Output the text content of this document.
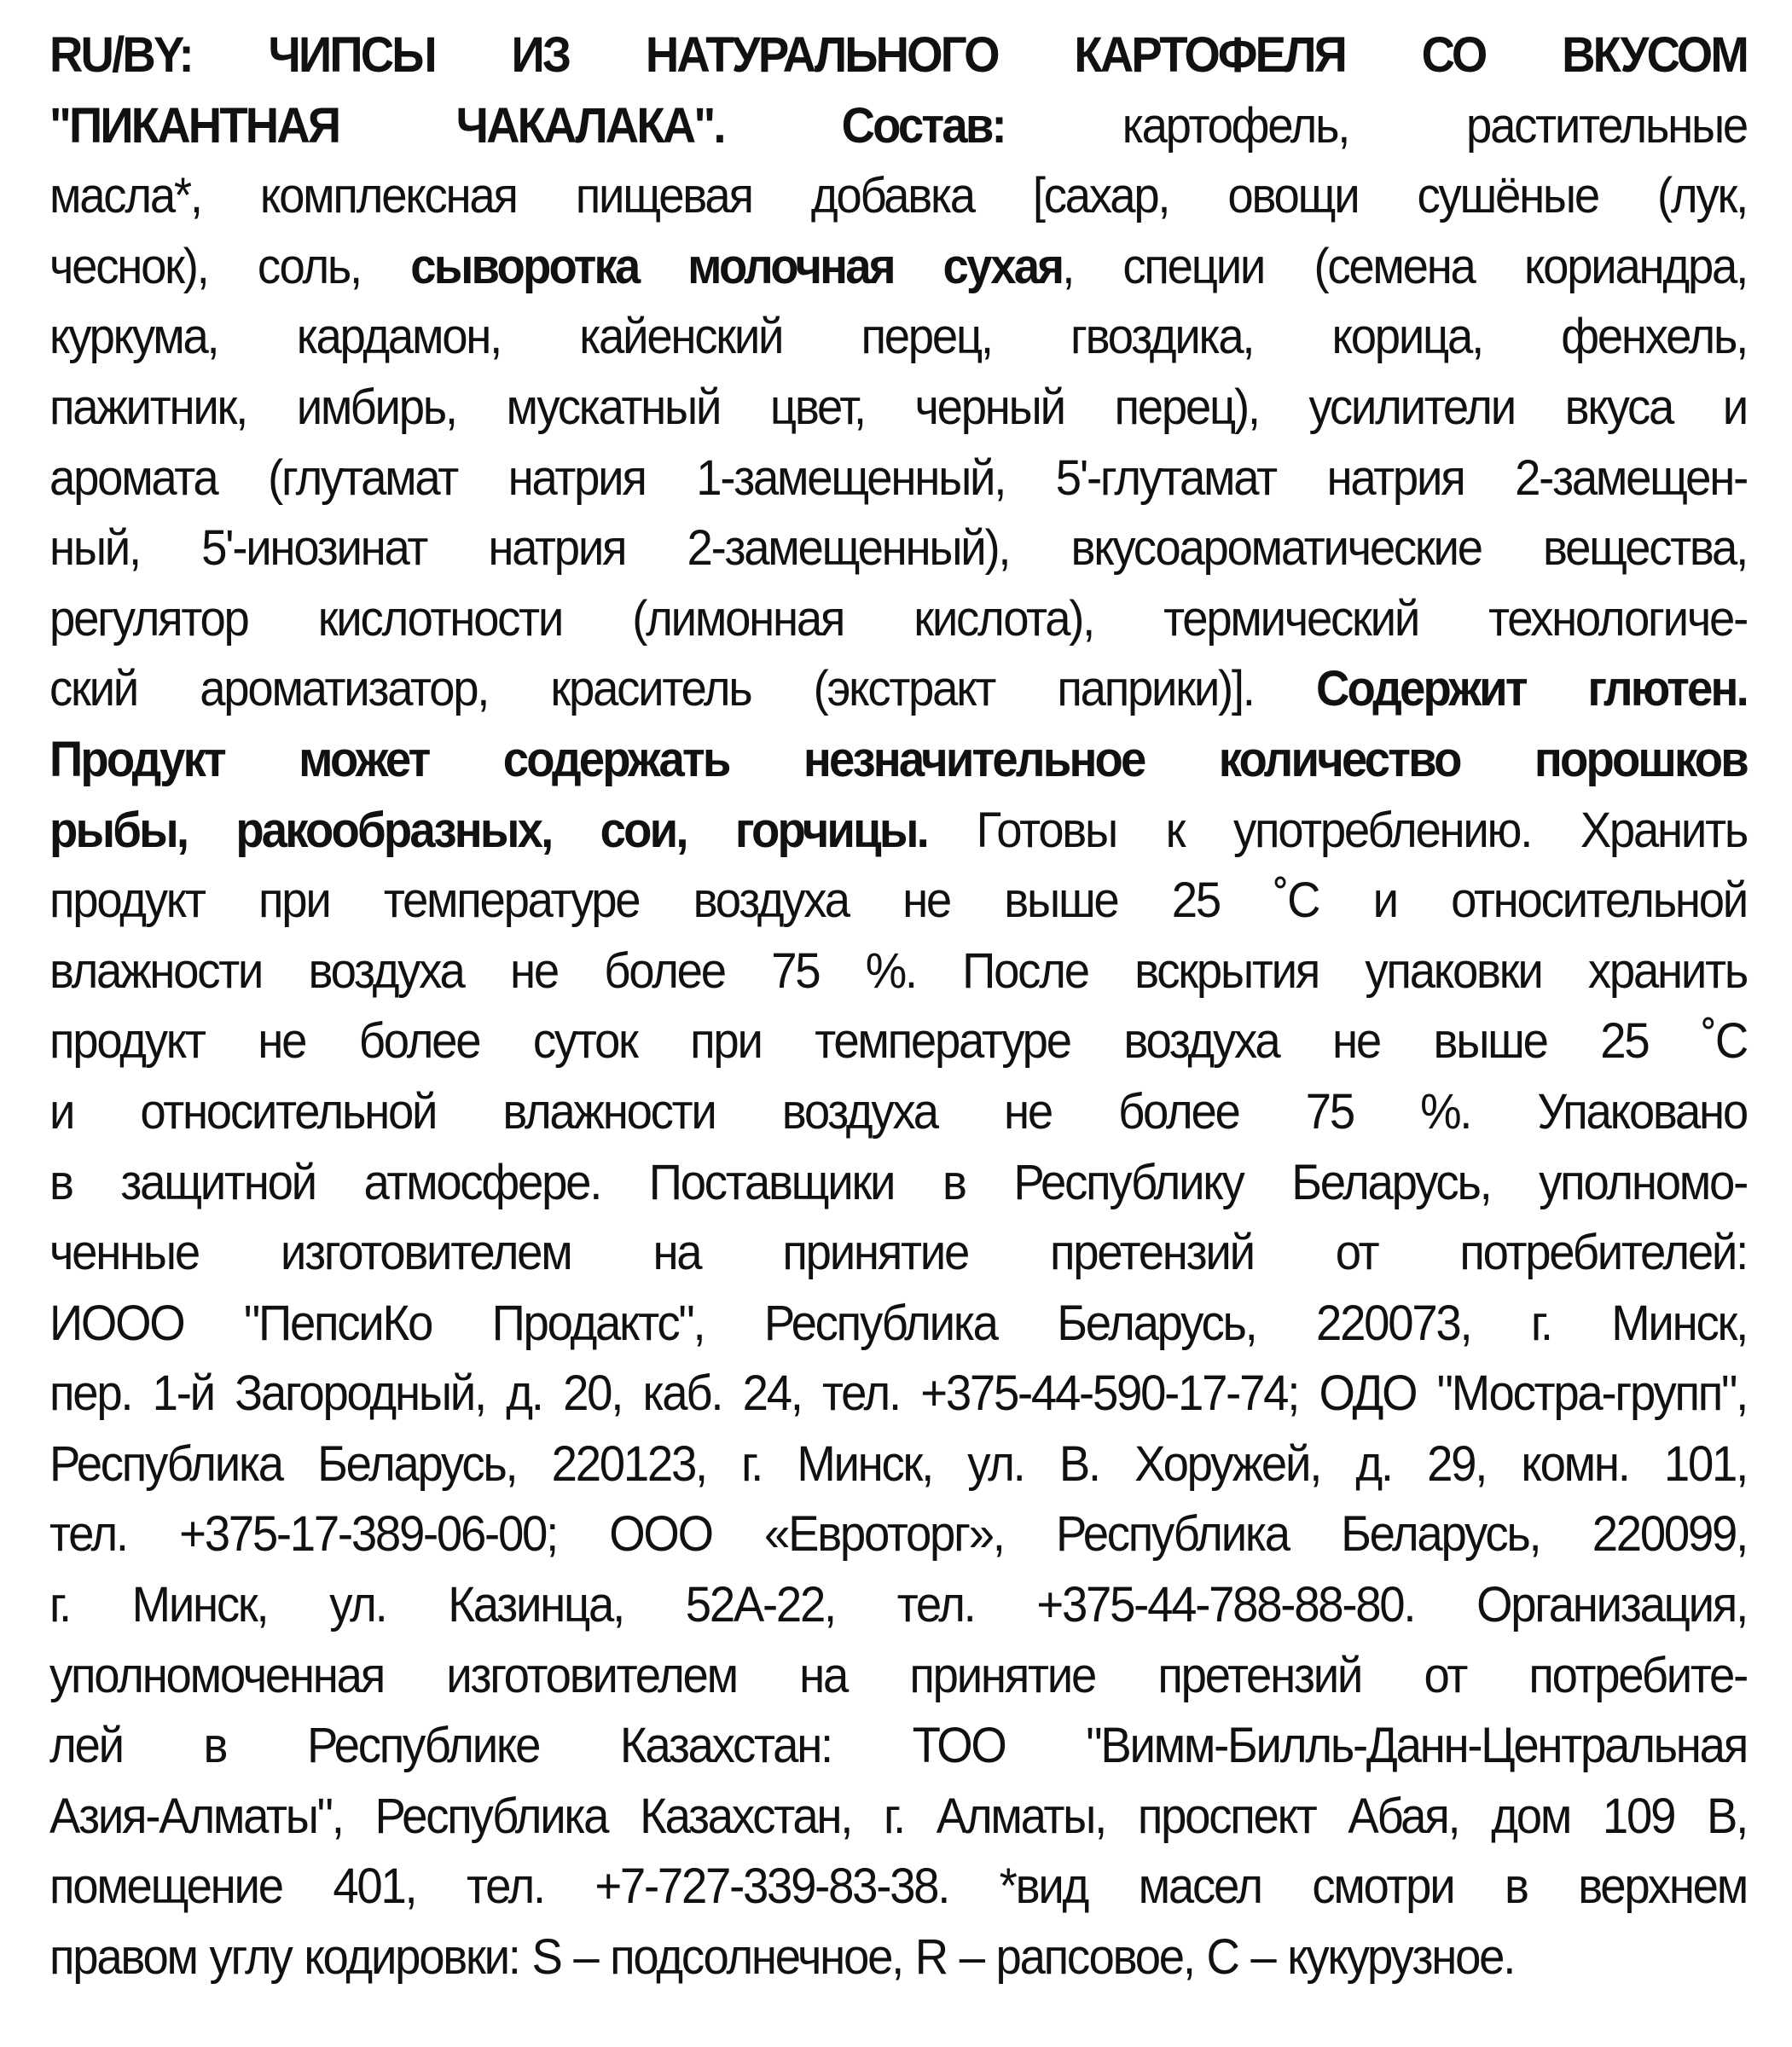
RU/BY: ЧИПСЫ ИЗ НАТУРАЛЬНОГО КАРТОФЕЛЯ СО ВКУСОМ
"ПИКАНТНАЯ ЧАКАЛАКА". Состав: картофель, растительные
масла*, комплексная пищевая добавка [сахар, овощи сушёные (лук,
чеснок), соль, сыворотка молочная сухая, специи (семена кориандра,
куркума, кардамон, кайенский перец, гвоздика, корица, фенхель,
пажитник, имбирь, мускатный цвет, черный перец), усилители вкуса и
аромата (глутамат натрия 1-замещенный, 5'-глутамат натрия 2-замещен-
ный, 5'-инозинат натрия 2-замещенный), вкусоароматические вещества,
регулятор кислотности (лимонная кислота), термический технологиче-
ский ароматизатор, краситель (экстракт паприки)]. Содержит глютен.
Продукт может содержать незначительное количество порошков
рыбы, ракообразных, сои, горчицы. Готовы к употреблению. Хранить
продукт при температуре воздуха не выше 25 ˚С и относительной
влажности воздуха не более 75 %. После вскрытия упаковки хранить
продукт не более суток при температуре воздуха не выше 25 ˚С
и относительной влажности воздуха не более 75 %. Упаковано
в защитной атмосфере. Поставщики в Республику Беларусь, уполномо-
ченные изготовителем на принятие претензий от потребителей:
ИООО "ПепсиКо Продактс", Республика Беларусь, 220073, г. Минск,
пер. 1-й Загородный, д. 20, каб. 24, тел. +375-44-590-17-74; ОДО "Мостра-групп",
Республика Беларусь, 220123, г. Минск, ул. В. Хоружей, д. 29, комн. 101,
тел. +375-17-389-06-00; ООО «Евроторг», Республика Беларусь, 220099,
г. Минск, ул. Казинца, 52А-22, тел. +375-44-788-88-80. Организация,
уполномоченная изготовителем на принятие претензий от потребите-
лей в Республике Казахстан: ТОО "Вимм-Билль-Данн-Центральная
Азия-Алматы", Республика Казахстан, г. Алматы, проспект Абая, дом 109 В,
помещение 401, тел. +7-727-339-83-38. *вид масел смотри в верхнем
правом углу кодировки: S – подсолнечное, R – рапсовое, C – кукурузное.
